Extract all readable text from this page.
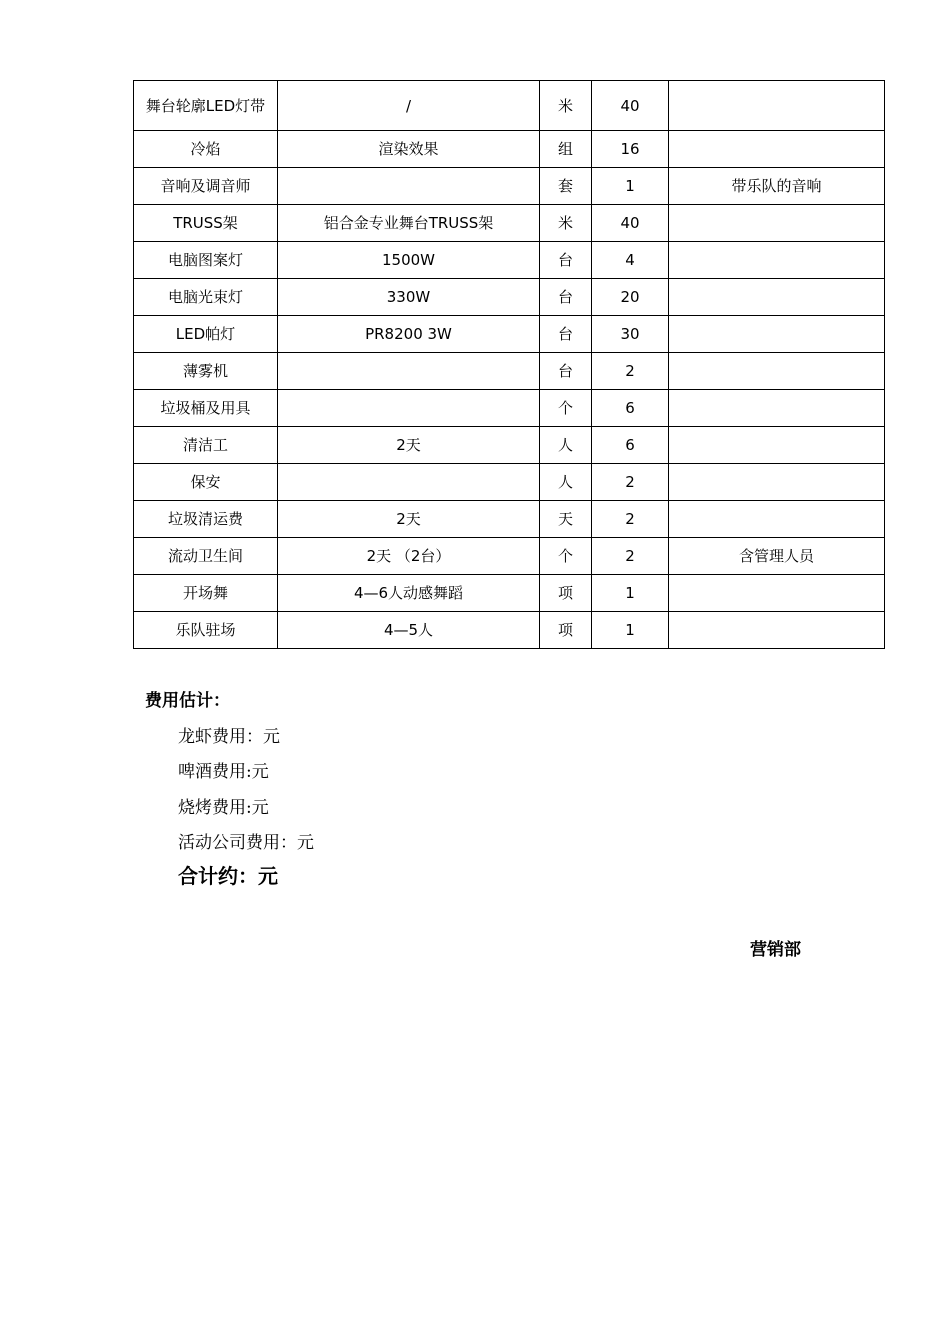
舞台轮廓LED灯带	/	米	40	
冷焰	渲染效果	组	16	
音响及调音师		套	1	带乐队的音响
TRUSS架	铝合金专业舞台TRUSS架	米	40	
电脑图案灯	1500W	台	4	
电脑光束灯	330W	台	20	
LED帕灯	PR8200 3W	台	30	
薄雾机		台	2	
垃圾桶及用具		个	6	
清洁工	2天	人	6	
保安		人	2	
垃圾清运费	2天	天	2	
流动卫生间	2天 （2台）	个	2	含管理人员
开场舞	4—6人动感舞蹈	项	1	
乐队驻场	4—5人	项	1	
费用估计：
龙虾费用：元
啤酒费用:元
烧烤费用:元
活动公司费用：元
合计约：元
营销部
